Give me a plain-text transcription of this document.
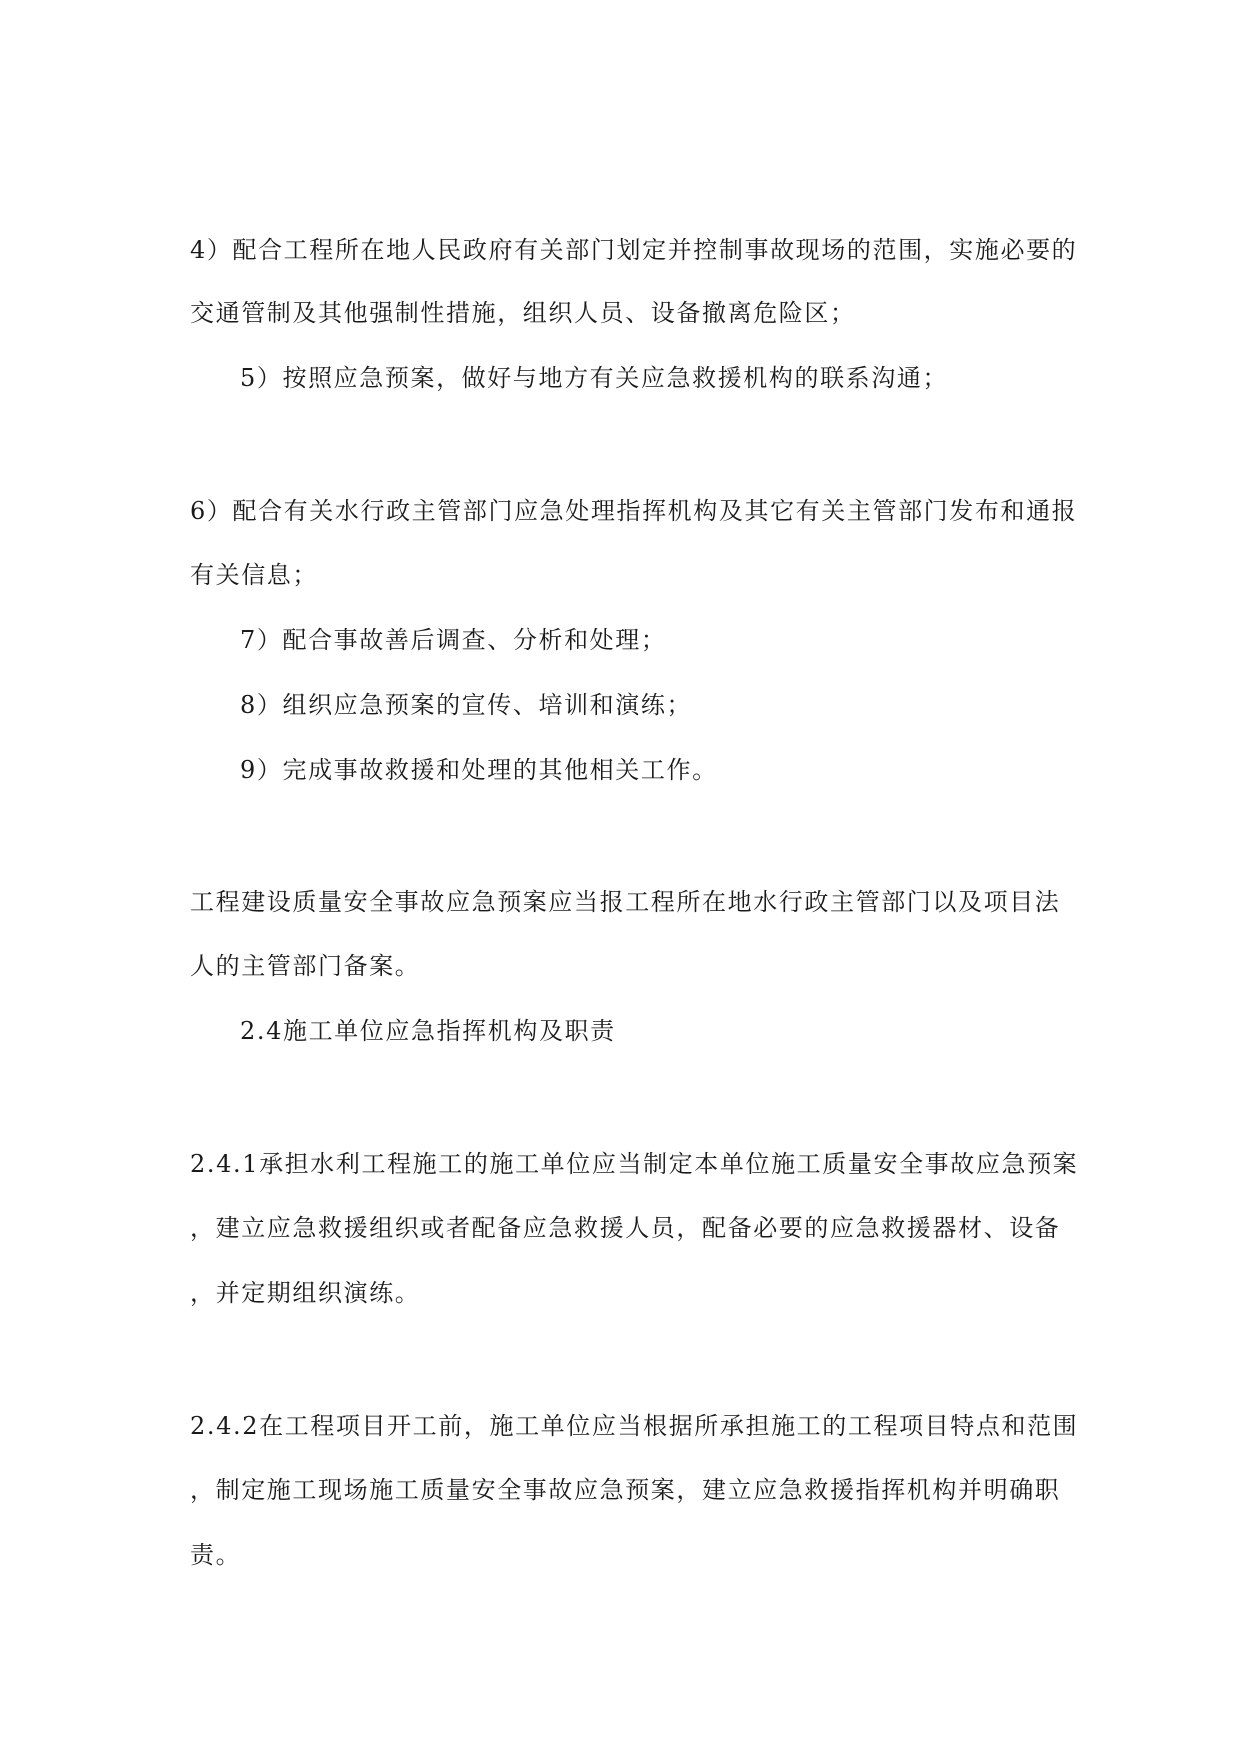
4）配合工程所在地人民政府有关部门划定并控制事故现场的范围，实施必要的
交通管制及其他强制性措施，组织人员、设备撤离危险区；
5）按照应急预案，做好与地方有关应急救援机构的联系沟通；
6）配合有关水行政主管部门应急处理指挥机构及其它有关主管部门发布和通报
有关信息；
7）配合事故善后调查、分析和处理；
8）组织应急预案的宣传、培训和演练；
9）完成事故救援和处理的其他相关工作。
工程建设质量安全事故应急预案应当报工程所在地水行政主管部门以及项目法
人的主管部门备案。
2.4施工单位应急指挥机构及职责
2.4.1承担水利工程施工的施工单位应当制定本单位施工质量安全事故应急预案
，建立应急救援组织或者配备应急救援人员，配备必要的应急救援器材、设备
，并定期组织演练。
2.4.2在工程项目开工前，施工单位应当根据所承担施工的工程项目特点和范围
，制定施工现场施工质量安全事故应急预案，建立应急救援指挥机构并明确职
责。
